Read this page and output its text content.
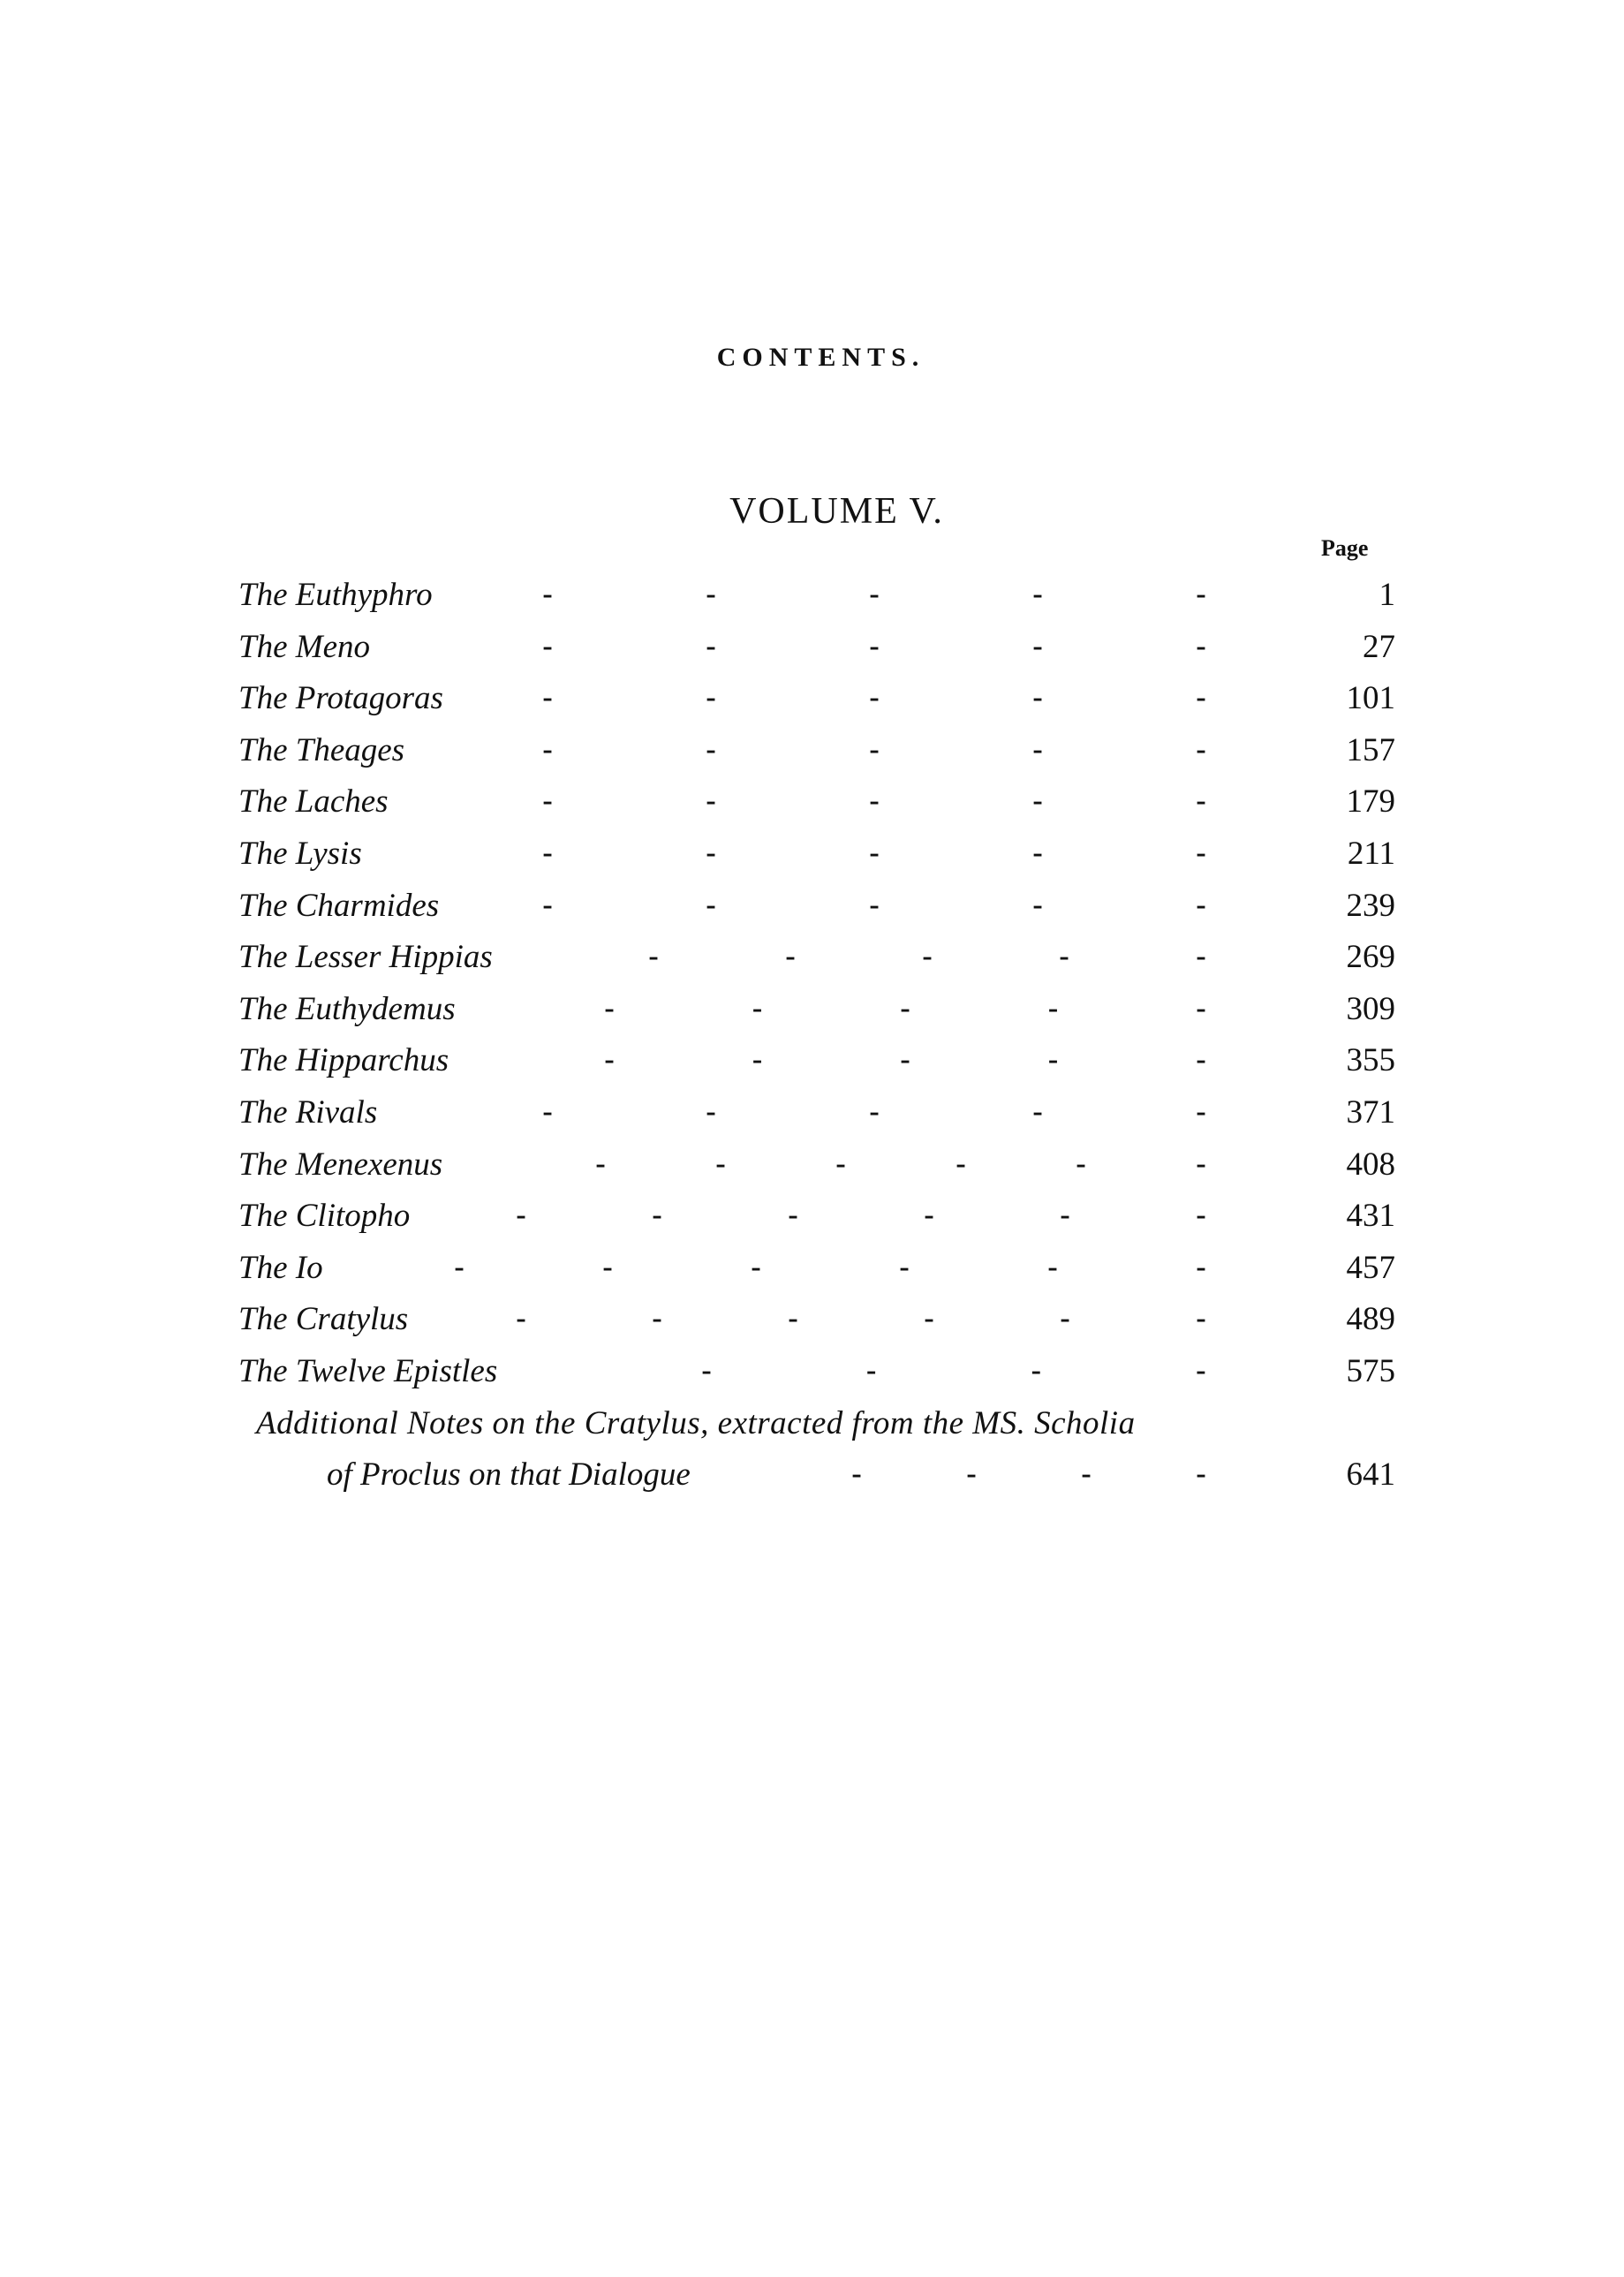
CONTENTS.
VOLUME V.
Page
The Euthyphro	-	-	-	-	-	1
The Meno	-	-	-	-	-	27
The Protagoras	-	-	-	-	-	101
The Theages	-	-	-	-	-	157
The Laches	-	-	-	-	-	179
The Lysis	-	-	-	-	-	211
The Charmides	-	-	-	-	-	239
The Lesser Hippias	-	-	-	-	-	269
The Euthydemus	-	-	-	-	-	309
The Hipparchus	-	-	-	-	-	355
The Rivals	-	-	-	-	-	371
The Menexenus	-	-	-	-	-	-	408
The Clitopho	-	-	-	-	-	-	431
The Io	-	-	-	-	-	-	457
The Cratylus	-	-	-	-	-	-	489
The Twelve Epistles	-	-	-	-	575
Additional Notes on the Cratylus, extracted from the MS. Scholia
of Proclus on that Dialogue	-	-	-	-	641
